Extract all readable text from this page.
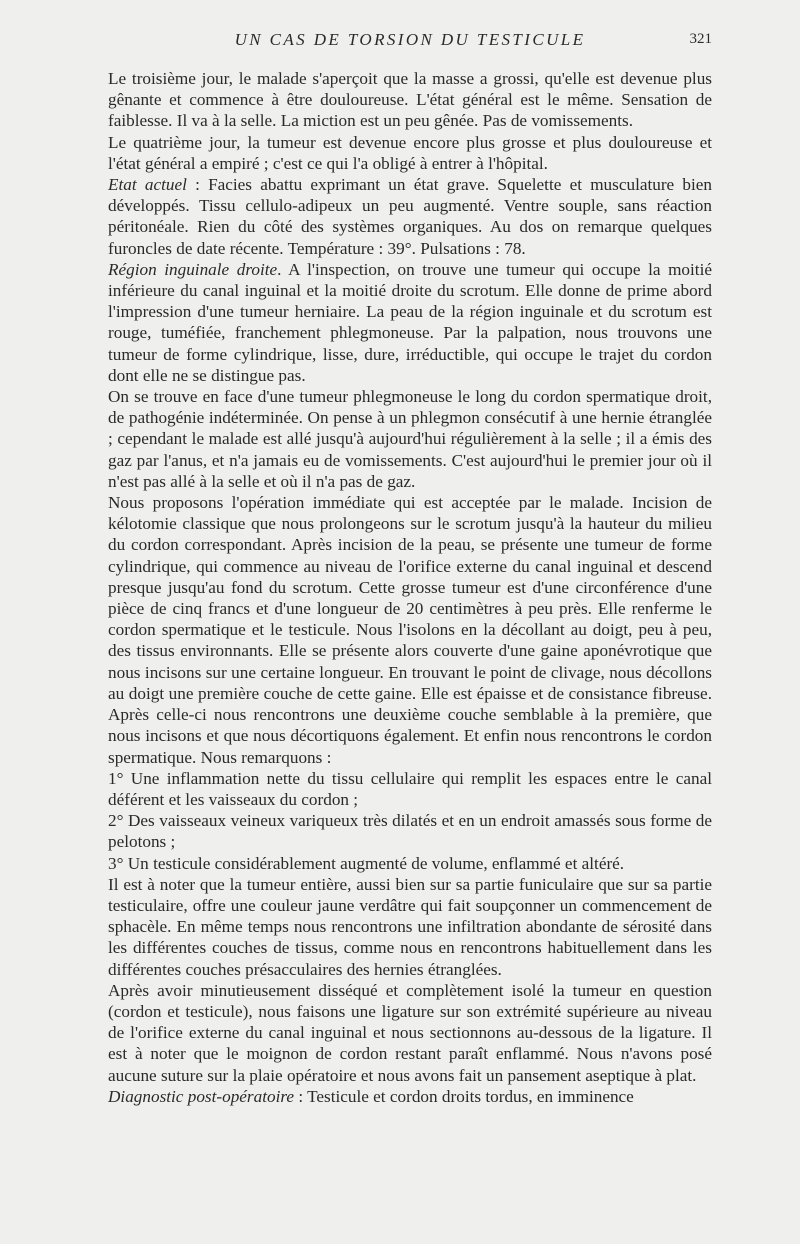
UN CAS DE TORSION DU TESTICULE	321

Le troisième jour, le malade s'aperçoit que la masse a grossi, qu'elle est devenue plus gênante et commence à être douloureuse. L'état général est le même. Sensation de faiblesse. Il va à la selle. La miction est un peu gênée. Pas de vomissements.

Le quatrième jour, la tumeur est devenue encore plus grosse et plus douloureuse et l'état général a empiré ; c'est ce qui l'a obligé à entrer à l'hôpital.

Etat actuel : Facies abattu exprimant un état grave. Squelette et musculature bien développés. Tissu cellulo-adipeux un peu augmenté. Ventre souple, sans réaction péritonéale. Rien du côté des systèmes organiques. Au dos on remarque quelques furoncles de date récente. Température : 39°. Pulsations : 78.

Région inguinale droite. A l'inspection, on trouve une tumeur qui occupe la moitié inférieure du canal inguinal et la moitié droite du scrotum. Elle donne de prime abord l'impression d'une tumeur herniaire. La peau de la région inguinale et du scrotum est rouge, tuméfiée, franchement phlegmoneuse. Par la palpation, nous trouvons une tumeur de forme cylindrique, lisse, dure, irréductible, qui occupe le trajet du cordon dont elle ne se distingue pas.

On se trouve en face d'une tumeur phlegmoneuse le long du cordon spermatique droit, de pathogénie indéterminée. On pense à un phlegmon consécutif à une hernie étranglée ; cependant le malade est allé jusqu'à aujourd'hui régulièrement à la selle ; il a émis des gaz par l'anus, et n'a jamais eu de vomissements. C'est aujourd'hui le premier jour où il n'est pas allé à la selle et où il n'a pas de gaz.

Nous proposons l'opération immédiate qui est acceptée par le malade. Incision de kélotomie classique que nous prolongeons sur le scrotum jusqu'à la hauteur du milieu du cordon correspondant. Après incision de la peau, se présente une tumeur de forme cylindrique, qui commence au niveau de l'orifice externe du canal inguinal et descend presque jusqu'au fond du scrotum. Cette grosse tumeur est d'une circonférence d'une pièce de cinq francs et d'une longueur de 20 centimètres à peu près. Elle renferme le cordon spermatique et le testicule. Nous l'isolons en la décollant au doigt, peu à peu, des tissus environnants. Elle se présente alors couverte d'une gaine aponévrotique que nous incisons sur une certaine longueur. En trouvant le point de clivage, nous décollons au doigt une première couche de cette gaine. Elle est épaisse et de consistance fibreuse. Après celle-ci nous rencontrons une deuxième couche semblable à la première, que nous incisons et que nous décortiquons également. Et enfin nous rencontrons le cordon spermatique. Nous remarquons :

1° Une inflammation nette du tissu cellulaire qui remplit les espaces entre le canal déférent et les vaisseaux du cordon ;

2° Des vaisseaux veineux variqueux très dilatés et en un endroit amassés sous forme de pelotons ;

3° Un testicule considérablement augmenté de volume, enflammé et altéré.

Il est à noter que la tumeur entière, aussi bien sur sa partie funiculaire que sur sa partie testiculaire, offre une couleur jaune verdâtre qui fait soupçonner un commencement de sphacèle. En même temps nous rencontrons une infiltration abondante de sérosité dans les différentes couches de tissus, comme nous en rencontrons habituellement dans les différentes couches présacculaires des hernies étranglées.

Après avoir minutieusement disséqué et complètement isolé la tumeur en question (cordon et testicule), nous faisons une ligature sur son extrémité supérieure au niveau de l'orifice externe du canal inguinal et nous sectionnons au-dessous de la ligature. Il est à noter que le moignon de cordon restant paraît enflammé. Nous n'avons posé aucune suture sur la plaie opératoire et nous avons fait un pansement aseptique à plat.

Diagnostic post-opératoire : Testicule et cordon droits tordus, en imminence
